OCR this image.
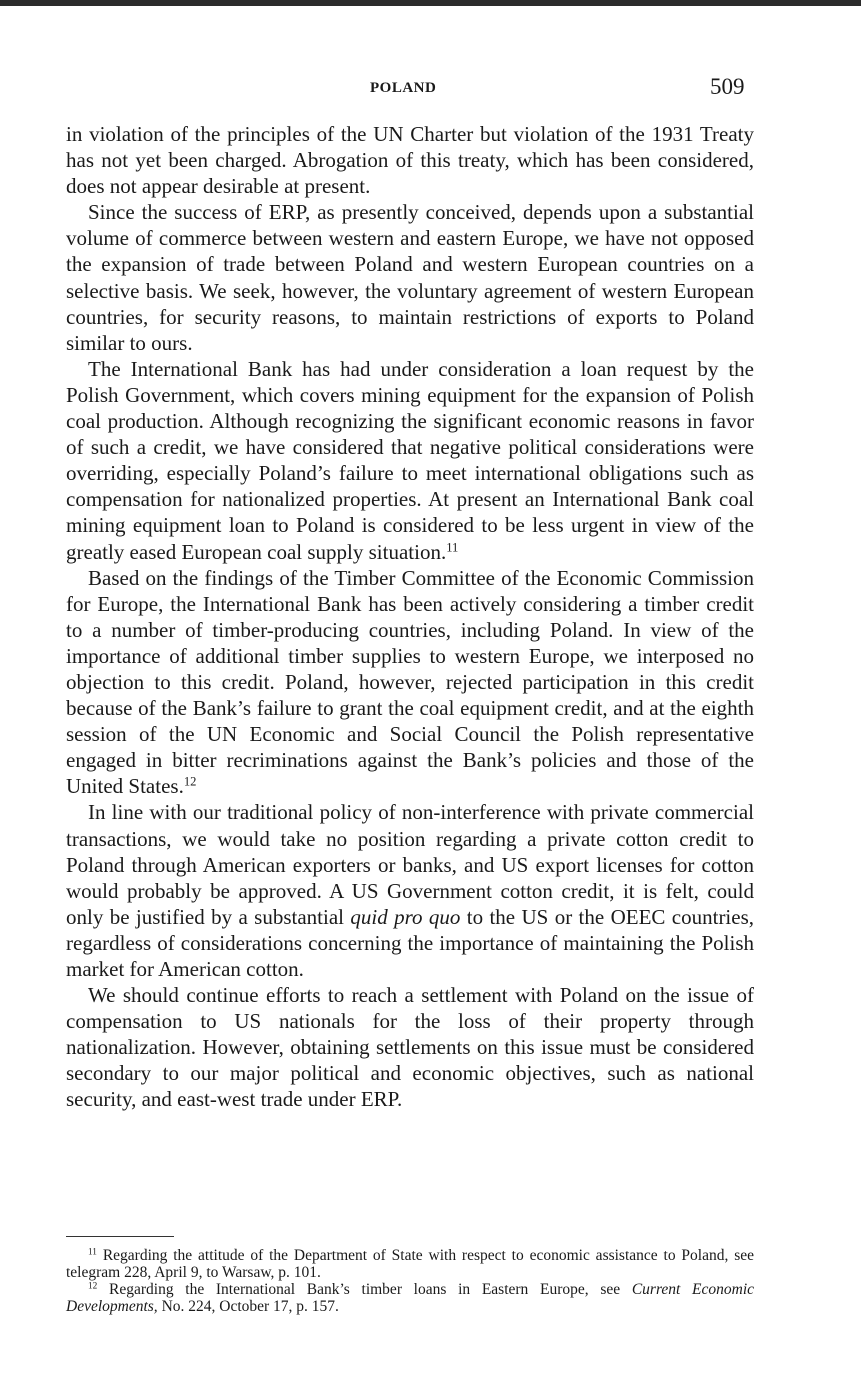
POLAND	509

in violation of the principles of the UN Charter but violation of the 1931 Treaty has not yet been charged. Abrogation of this treaty, which has been considered, does not appear desirable at present.

Since the success of ERP, as presently conceived, depends upon a substantial volume of commerce between western and eastern Europe, we have not opposed the expansion of trade between Poland and western European countries on a selective basis. We seek, however, the voluntary agreement of western European countries, for security reasons, to maintain restrictions of exports to Poland similar to ours.

The International Bank has had under consideration a loan request by the Polish Government, which covers mining equipment for the expansion of Polish coal production. Although recognizing the significant economic reasons in favor of such a credit, we have considered that negative political considerations were overriding, especially Poland’s failure to meet international obligations such as compensation for nationalized properties. At present an International Bank coal mining equipment loan to Poland is considered to be less urgent in view of the greatly eased European coal supply situation.$^{11}$

Based on the findings of the Timber Committee of the Economic Commission for Europe, the International Bank has been actively considering a timber credit to a number of timber-producing countries, including Poland. In view of the importance of additional timber supplies to western Europe, we interposed no objection to this credit. Poland, however, rejected participation in this credit because of the Bank’s failure to grant the coal equipment credit, and at the eighth session of the UN Economic and Social Council the Polish representative engaged in bitter recriminations against the Bank’s policies and those of the United States.$^{12}$

In line with our traditional policy of non-interference with private commercial transactions, we would take no position regarding a private cotton credit to Poland through American exporters or banks, and US export licenses for cotton would probably be approved. A US Government cotton credit, it is felt, could only be justified by a substantial quid pro quo to the US or the OEEC countries, regardless of considerations concerning the importance of maintaining the Polish market for American cotton.

We should continue efforts to reach a settlement with Poland on the issue of compensation to US nationals for the loss of their property through nationalization. However, obtaining settlements on this issue must be considered secondary to our major political and economic objectives, such as national security, and east-west trade under ERP.

$^{11}$ Regarding the attitude of the Department of State with respect to economic assistance to Poland, see telegram 228, April 9, to Warsaw, p. 101.

$^{12}$ Regarding the International Bank’s timber loans in Eastern Europe, see Current Economic Developments, No. 224, October 17, p. 157.
